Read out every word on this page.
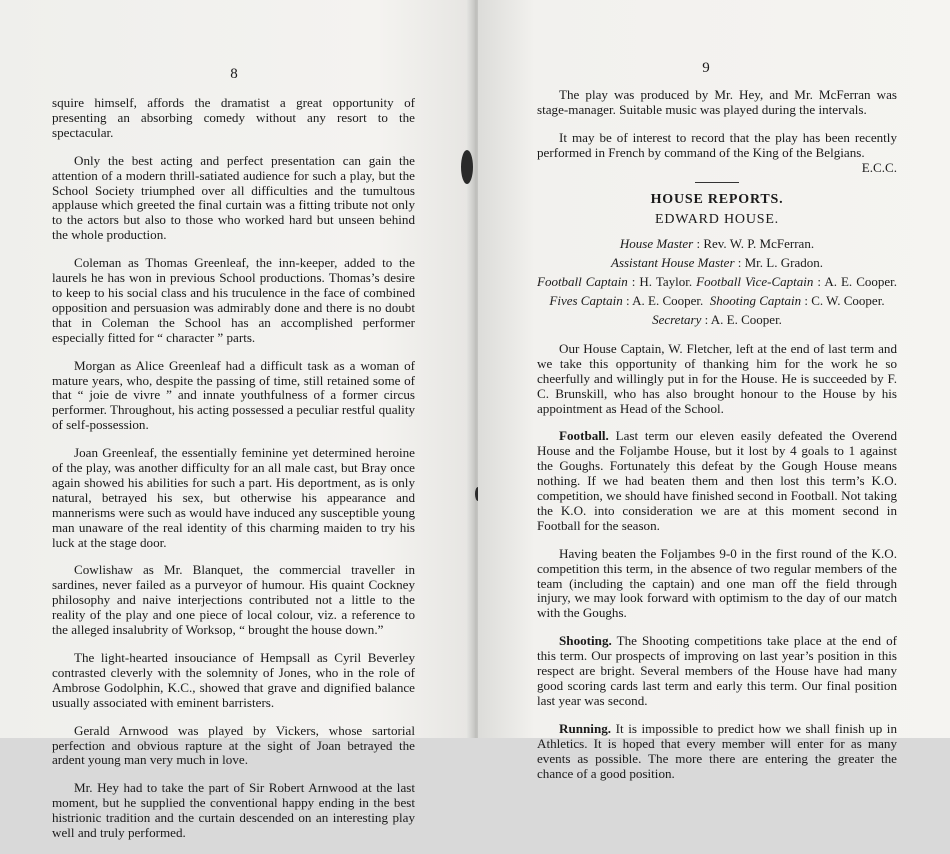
8

squire himself, affords the dramatist a great opportunity of presenting an absorbing comedy without any resort to the spectacular.

Only the best acting and perfect presentation can gain the attention of a modern thrill-satiated audience for such a play, but the School Society triumphed over all difficulties and the tumultous applause which greeted the final curtain was a fitting tribute not only to the actors but also to those who worked hard but unseen behind the whole production.

Coleman as Thomas Greenleaf, the inn-keeper, added to the laurels he has won in previous School productions. Thomas’s desire to keep to his social class and his truculence in the face of combined opposition and persuasion was admirably done and there is no doubt that in Coleman the School has an accomplished performer especially fitted for “ character ” parts.

Morgan as Alice Greenleaf had a difficult task as a woman of mature years, who, despite the passing of time, still retained some of that “ joie de vivre ” and innate youthfulness of a former circus performer. Throughout, his acting possessed a peculiar restful quality of self-possession.

Joan Greenleaf, the essentially feminine yet determined heroine of the play, was another difficulty for an all male cast, but Bray once again showed his abilities for such a part. His deportment, as is only natural, betrayed his sex, but otherwise his appearance and mannerisms were such as would have induced any susceptible young man unaware of the real identity of this charming maiden to try his luck at the stage door.

Cowlishaw as Mr. Blanquet, the commercial traveller in sardines, never failed as a purveyor of humour. His quaint Cockney philosophy and naive interjections contributed not a little to the reality of the play and one piece of local colour, viz. a reference to the alleged insalubrity of Worksop, “ brought the house down.”

The light-hearted insouciance of Hempsall as Cyril Beverley contrasted cleverly with the solemnity of Jones, who in the role of Ambrose Godolphin, K.C., showed that grave and dignified balance usually associated with eminent barristers.

Gerald Arnwood was played by Vickers, whose sartorial perfection and obvious rapture at the sight of Joan betrayed the ardent young man very much in love.

Mr. Hey had to take the part of Sir Robert Arnwood at the last moment, but he supplied the conventional happy ending in the best histrionic tradition and the curtain descended on an interesting play well and truly performed.

9

The play was produced by Mr. Hey, and Mr. McFerran was stage-manager. Suitable music was played during the intervals.

It may be of interest to record that the play has been recently performed in French by command of the King of the Belgians.

E.C.C.
HOUSE REPORTS.
EDWARD HOUSE.
House Master : Rev. W. P. McFerran.
Assistant House Master : Mr. L. Gradon.
Football Captain : H. Taylor. Football Vice-Captain : A. E. Cooper.
Fives Captain : A. E. Cooper. Shooting Captain : C. W. Cooper.
Secretary : A. E. Cooper.

Our House Captain, W. Fletcher, left at the end of last term and we take this opportunity of thanking him for the work he so cheerfully and willingly put in for the House. He is succeeded by F. C. Brunskill, who has also brought honour to the House by his appointment as Head of the School.

Football. Last term our eleven easily defeated the Overend House and the Foljambe House, but it lost by 4 goals to 1 against the Goughs. Fortunately this defeat by the Gough House means nothing. If we had beaten them and then lost this term’s K.O. competition, we should have finished second in Football. Not taking the K.O. into consideration we are at this moment second in Football for the season.

Having beaten the Foljambes 9-0 in the first round of the K.O. competition this term, in the absence of two regular members of the team (including the captain) and one man off the field through injury, we may look forward with optimism to the day of our match with the Goughs.

Shooting. The Shooting competitions take place at the end of this term. Our prospects of improving on last year’s position in this respect are bright. Several members of the House have had many good scoring cards last term and early this term. Our final position last year was second.

Running. It is impossible to predict how we shall finish up in Athletics. It is hoped that every member will enter for as many events as possible. The more there are entering the greater the chance of a good position.
